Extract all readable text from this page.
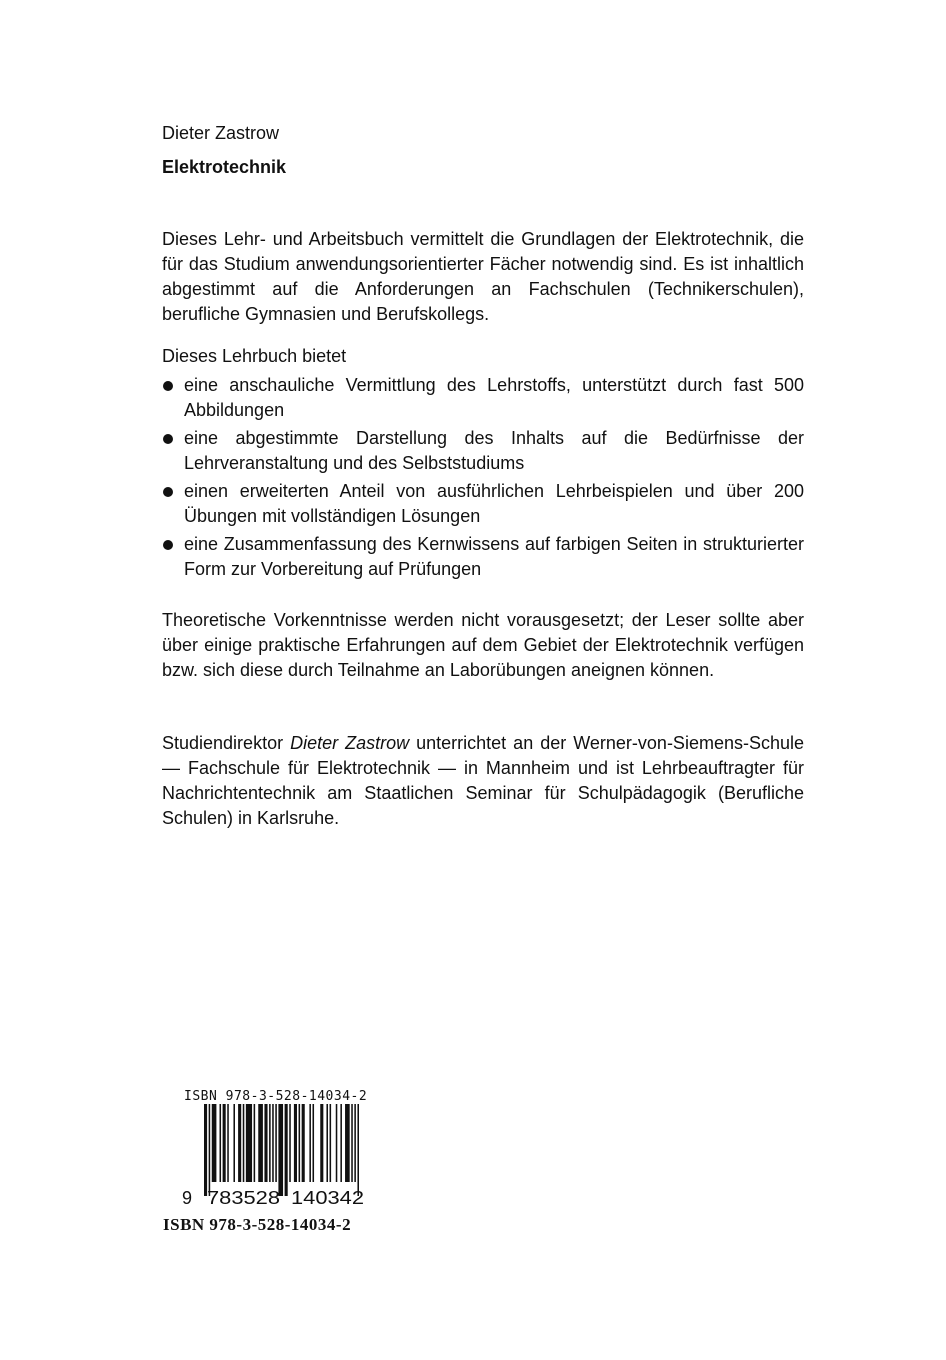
Dieter Zastrow

Elektrotechnik

Dieses Lehr- und Arbeitsbuch vermittelt die Grundlagen der Elektrotechnik, die für das Studium anwendungsorientierter Fächer notwendig sind. Es ist inhaltlich abgestimmt auf die Anforderungen an Fachschulen (Technikerschulen), berufliche Gymnasien und Berufskollegs.

Dieses Lehrbuch bietet

eine anschauliche Vermittlung des Lehrstoffs, unterstützt durch fast 500 Abbildungen
eine abgestimmte Darstellung des Inhalts auf die Bedürfnisse der Lehrveranstaltung und des Selbststudiums
einen erweiterten Anteil von ausführlichen Lehrbeispielen und über 200 Übungen mit vollständigen Lösungen
eine Zusammenfassung des Kernwissens auf farbigen Seiten in strukturierter Form zur Vorbereitung auf Prüfungen

Theoretische Vorkenntnisse werden nicht vorausgesetzt; der Leser sollte aber über einige praktische Erfahrungen auf dem Gebiet der Elektrotechnik verfügen bzw. sich diese durch Teilnahme an Laborübungen aneignen können.

Studiendirektor Dieter Zastrow unterrichtet an der Werner-von-Siemens-Schule — Fachschule für Elektrotechnik — in Mannheim und ist Lehrbeauftragter für Nachrichtentechnik am Staatlichen Seminar für Schulpädagogik (Berufliche Schulen) in Karlsruhe.

ISBN 978-3-528-14034-2

9 783528 140342

ISBN 978-3-528-14034-2
